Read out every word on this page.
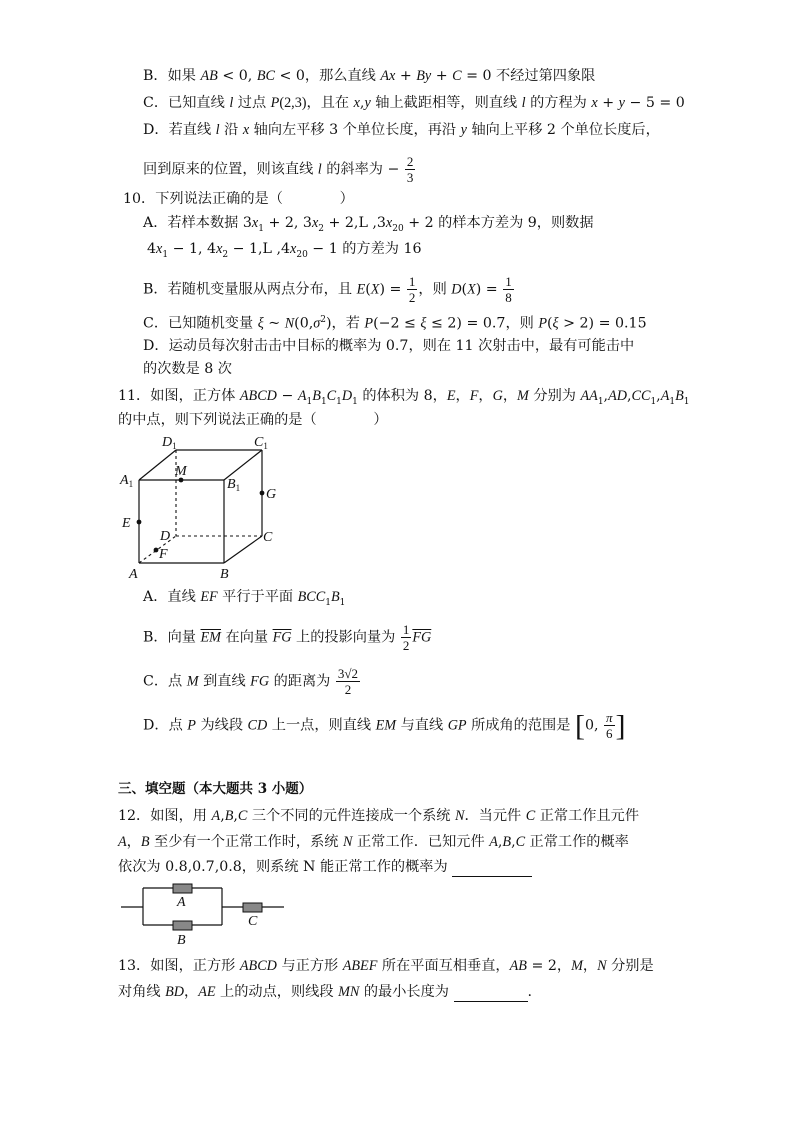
B．如果 AB < 0, BC < 0，那么直线 Ax + By + C = 0 不经过第四象限
C．已知直线 l 过点 P(2,3)，且在 x,y 轴上截距相等，则直线 l 的方程为 x + y − 5 = 0
D．若直线 l 沿 x 轴向左平移 3 个单位长度，再沿 y 轴向上平移 2 个单位长度后，
回到原来的位置，则该直线 l 的斜率为 − $\frac{2}{3}$
10．下列说法正确的是（　　　　）
A．若样本数据 $3x_1 + 2$, $3x_2 + 2,L$ $,3x_{20} + 2$ 的样本方差为 9，则数据
$4x_1 - 1$, $4x_2 - 1,L$ $,4x_{20} - 1$ 的方差为 16
B．若随机变量服从两点分布，且 $E(X) = \frac{1}{2}$ ，则 $D(X) = \frac{1}{8}$
C．已知随机变量 ξ ~ $N(0,\sigma^2)$，若 P(−2 ≤ ξ ≤ 2) = 0.7，则 P(ξ > 2) = 0.15
D．运动员每次射击击中目标的概率为 0.7，则在 11 次射击中，最有可能击中
的次数是 8 次
11．如图，正方体 ABCD − $A_1B_1C_1D_1$ 的体积为 8，E，F，G，M 分别为 $AA_1,AD,CC_1,A_1B_1$
的中点，则下列说法正确的是（　　　　）
$D_1$	$C_1$
$A_1$	$B_1$
M
G
E
D	C
F
A	B
A．直线 EF 平行于平面 $BCC_1B_1$
B．向量 $\overline{EM}$ 在向量 $\overline{FG}$ 上的投影向量为 $\frac{1}{2} \overline{FG}$
C．点 M 到直线 FG 的距离为 $\frac{3√2}{2}$
D．点 P 为线段 CD 上一点，则直线 EM 与直线 GP 所成角的范围是 [0, $\frac{\pi}{6}$ ]
三、填空题（本大题共 3 小题）
12．如图，用 A,B,C 三个不同的元件连接成一个系统 N．当元件 C 正常工作且元件
A，B 至少有一个正常工作时，系统 N 正常工作．已知元件 A,B,C 正常工作的概率
依次为 0.8,0.7,0.8，则系统 N 能正常工作的概率为
A
B
C
13．如图，正方形 ABCD 与正方形 ABEF 所在平面互相垂直，AB = 2，M，N 分别是
对角线 BD，AE 上的动点，则线段 MN 的最小长度为	.
